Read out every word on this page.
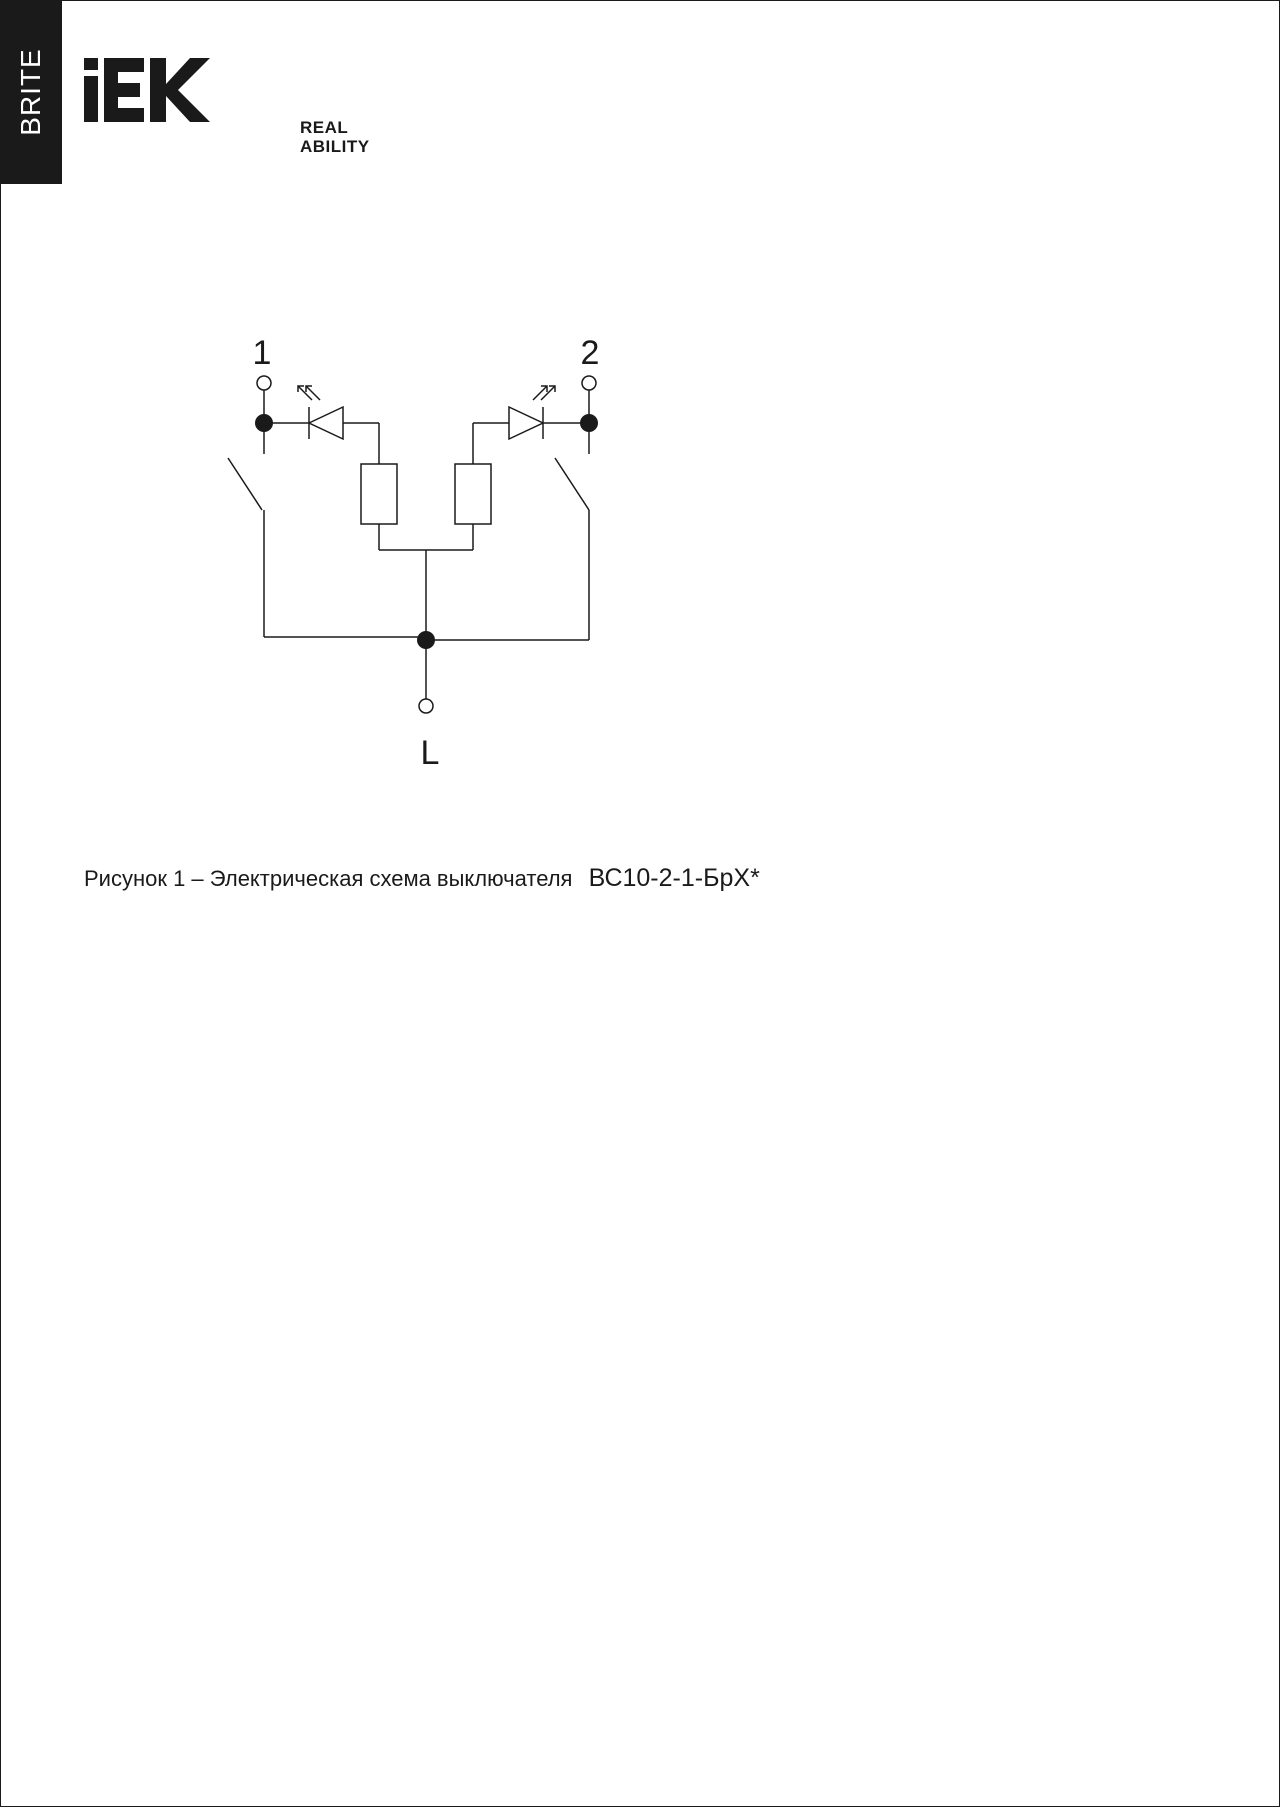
BRITE	REAL
ABILITY
1	2
L
Рисунок 1 – Электрическая схема выключателя ВС10-2-1-БрХ*
